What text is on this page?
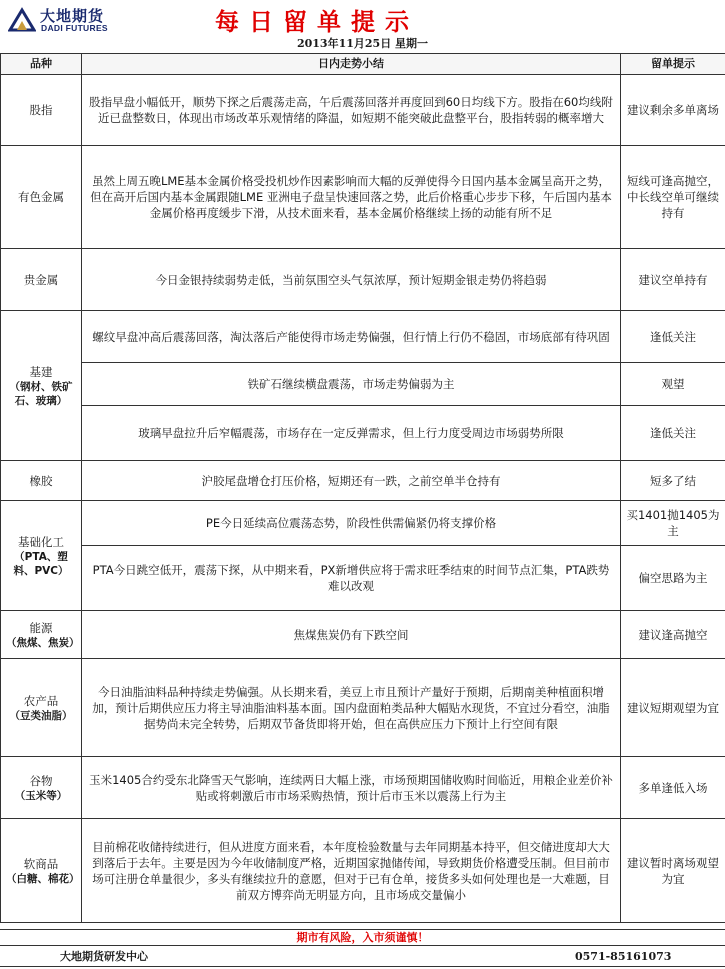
大地期货
DADI FUTURES	每日留单提示
2013年11月25日 星期一
品种	日内走势小结	留单提示
股指	股指早盘小幅低开，顺势下探之后震荡走高，午后震荡回落并再度回到60日均线下方。股指在60均线附近已盘整数日，体现出市场改革乐观情绪的降温，如短期不能突破此盘整平台，股指转弱的概率增大	建议剩余多单离场
有色金属	虽然上周五晚LME基本金属价格受投机炒作因素影响而大幅的反弹使得今日国内基本金属呈高开之势，但在高开后国内基本金属跟随LME 亚洲电子盘呈快速回落之势，此后价格重心步步下移，午后国内基本金属价格再度缓步下滑，从技术面来看，基本金属价格继续上扬的动能有所不足	短线可逢高抛空，中长线空单可继续持有
贵金属	今日金银持续弱势走低，当前氛围空头气氛浓厚，预计短期金银走势仍将趋弱	建议空单持有
基建
（钢材、铁矿石、玻璃）	螺纹早盘冲高后震荡回落，淘汰落后产能使得市场走势偏强，但行情上行仍不稳固，市场底部有待巩固	逢低关注
	铁矿石继续横盘震荡，市场走势偏弱为主	观望
	玻璃早盘拉升后窄幅震荡，市场存在一定反弹需求，但上行力度受周边市场弱势所限	逢低关注
橡胶	沪胶尾盘增仓打压价格，短期还有一跌，之前空单半仓持有	短多了结
基础化工
（PTA、塑料、PVC）	PE今日延续高位震荡态势，阶段性供需偏紧仍将支撑价格	买1401抛1405为主
	PTA今日跳空低开，震荡下探，从中期来看，PX新增供应将于需求旺季结束的时间节点汇集，PTA跌势难以改观	偏空思路为主
能源
（焦煤、焦炭）	焦煤焦炭仍有下跌空间	建议逢高抛空
农产品
（豆类油脂）	今日油脂油料品种持续走势偏强。从长期来看，美豆上市且预计产量好于预期，后期南美种植面积增加，预计后期供应压力将主导油脂油料基本面。国内盘面粕类品种大幅贴水现货，不宜过分看空，油脂据势尚未完全转势，后期双节备货即将开始，但在高供应压力下预计上行空间有限	建议短期观望为宜
谷物
（玉米等）	玉米1405合约受东北降雪天气影响，连续两日大幅上涨，市场预期国储收购时间临近，用粮企业差价补贴或将刺激后市市场采购热情，预计后市玉米以震荡上行为主	多单逢低入场
软商品
（白糖、棉花）	目前棉花收储持续进行，但从进度方面来看，本年度检验数量与去年同期基本持平，但交储进度却大大到落后于去年。主要是因为今年收储制度严格，近期国家抛储传闻，导致期货价格遭受压制。但目前市场可注册仓单量很少，多头有继续拉升的意愿，但对于已有仓单，接货多头如何处理也是一大难题，目前双方博弈尚无明显方向，且市场成交量偏小	建议暂时离场观望为宜
期市有风险，入市须谨慎！
大地期货研发中心	0571-85161073
